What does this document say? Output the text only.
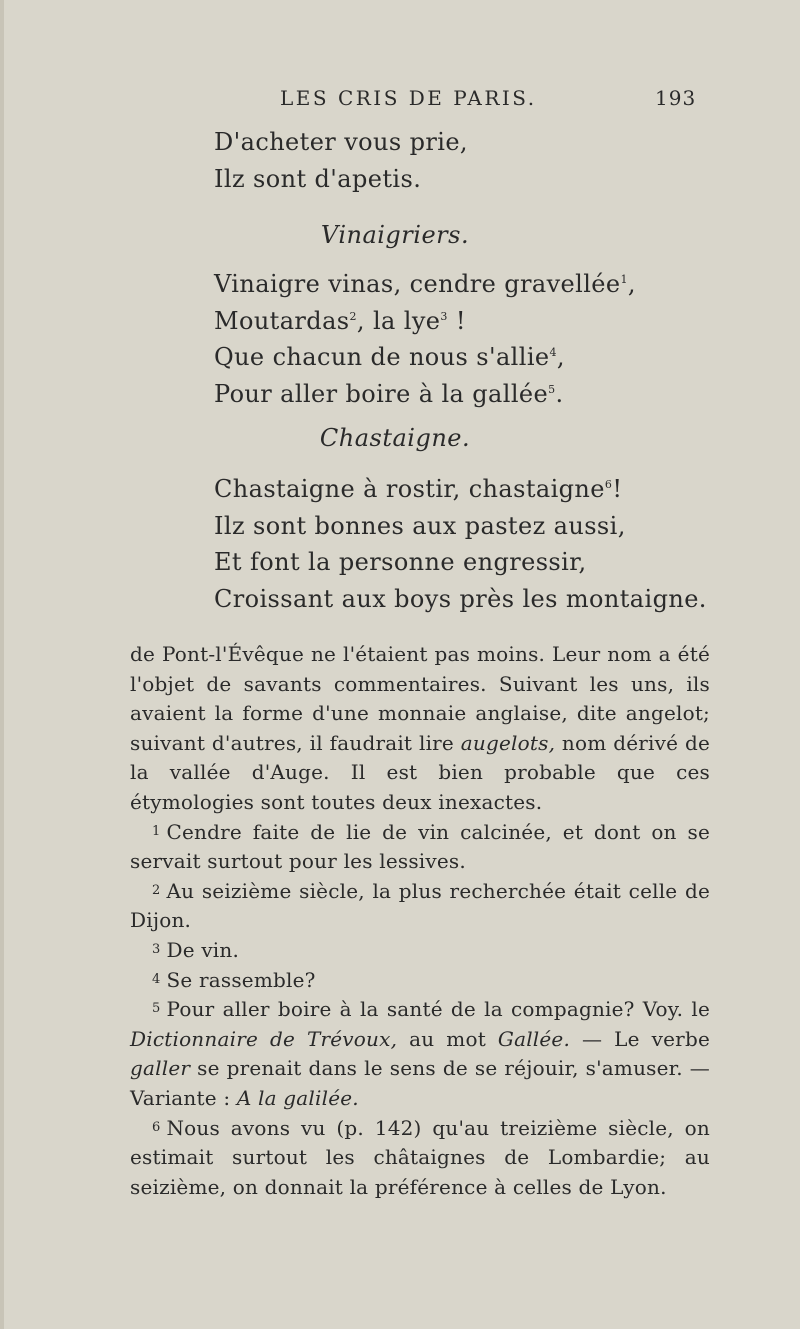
LES CRIS DE PARIS.	193
D'acheter vous prie,
Ilz sont d'apetis.
Vinaigriers.
Vinaigre vinas, cendre gravellée$^1$,
Moutardas$^2$, la lye$^3$ !
Que chacun de nous s'allie$^4$,
Pour aller boire à la gallée$^5$.
Chastaigne.
Chastaigne à rostir, chastaigne$^6$!
Ilz sont bonnes aux pastez aussi,
Et font la personne engressir,
Croissant aux boys près les montaigne.

de Pont-l'Évêque ne l'étaient pas moins. Leur nom a été l'objet de savants commentaires. Suivant les uns, ils avaient la forme d'une monnaie anglaise, dite angelot; suivant d'autres, il faudrait lire augelots, nom dérivé de la vallée d'Auge. Il est bien probable que ces étymologies sont toutes deux inexactes.

$^1$ Cendre faite de lie de vin calcinée, et dont on se servait surtout pour les lessives.

$^2$ Au seizième siècle, la plus recherchée était celle de Dijon.

$^3$ De vin.

$^4$ Se rassemble?

$^5$ Pour aller boire à la santé de la compagnie? Voy. le Dictionnaire de Trévoux, au mot Gallée. — Le verbe galler se prenait dans le sens de se réjouir, s'amuser. — Variante : A la galilée.

$^6$ Nous avons vu (p. 142) qu'au treizième siècle, on estimait surtout les châtaignes de Lombardie; au seizième, on donnait la préférence à celles de Lyon.
